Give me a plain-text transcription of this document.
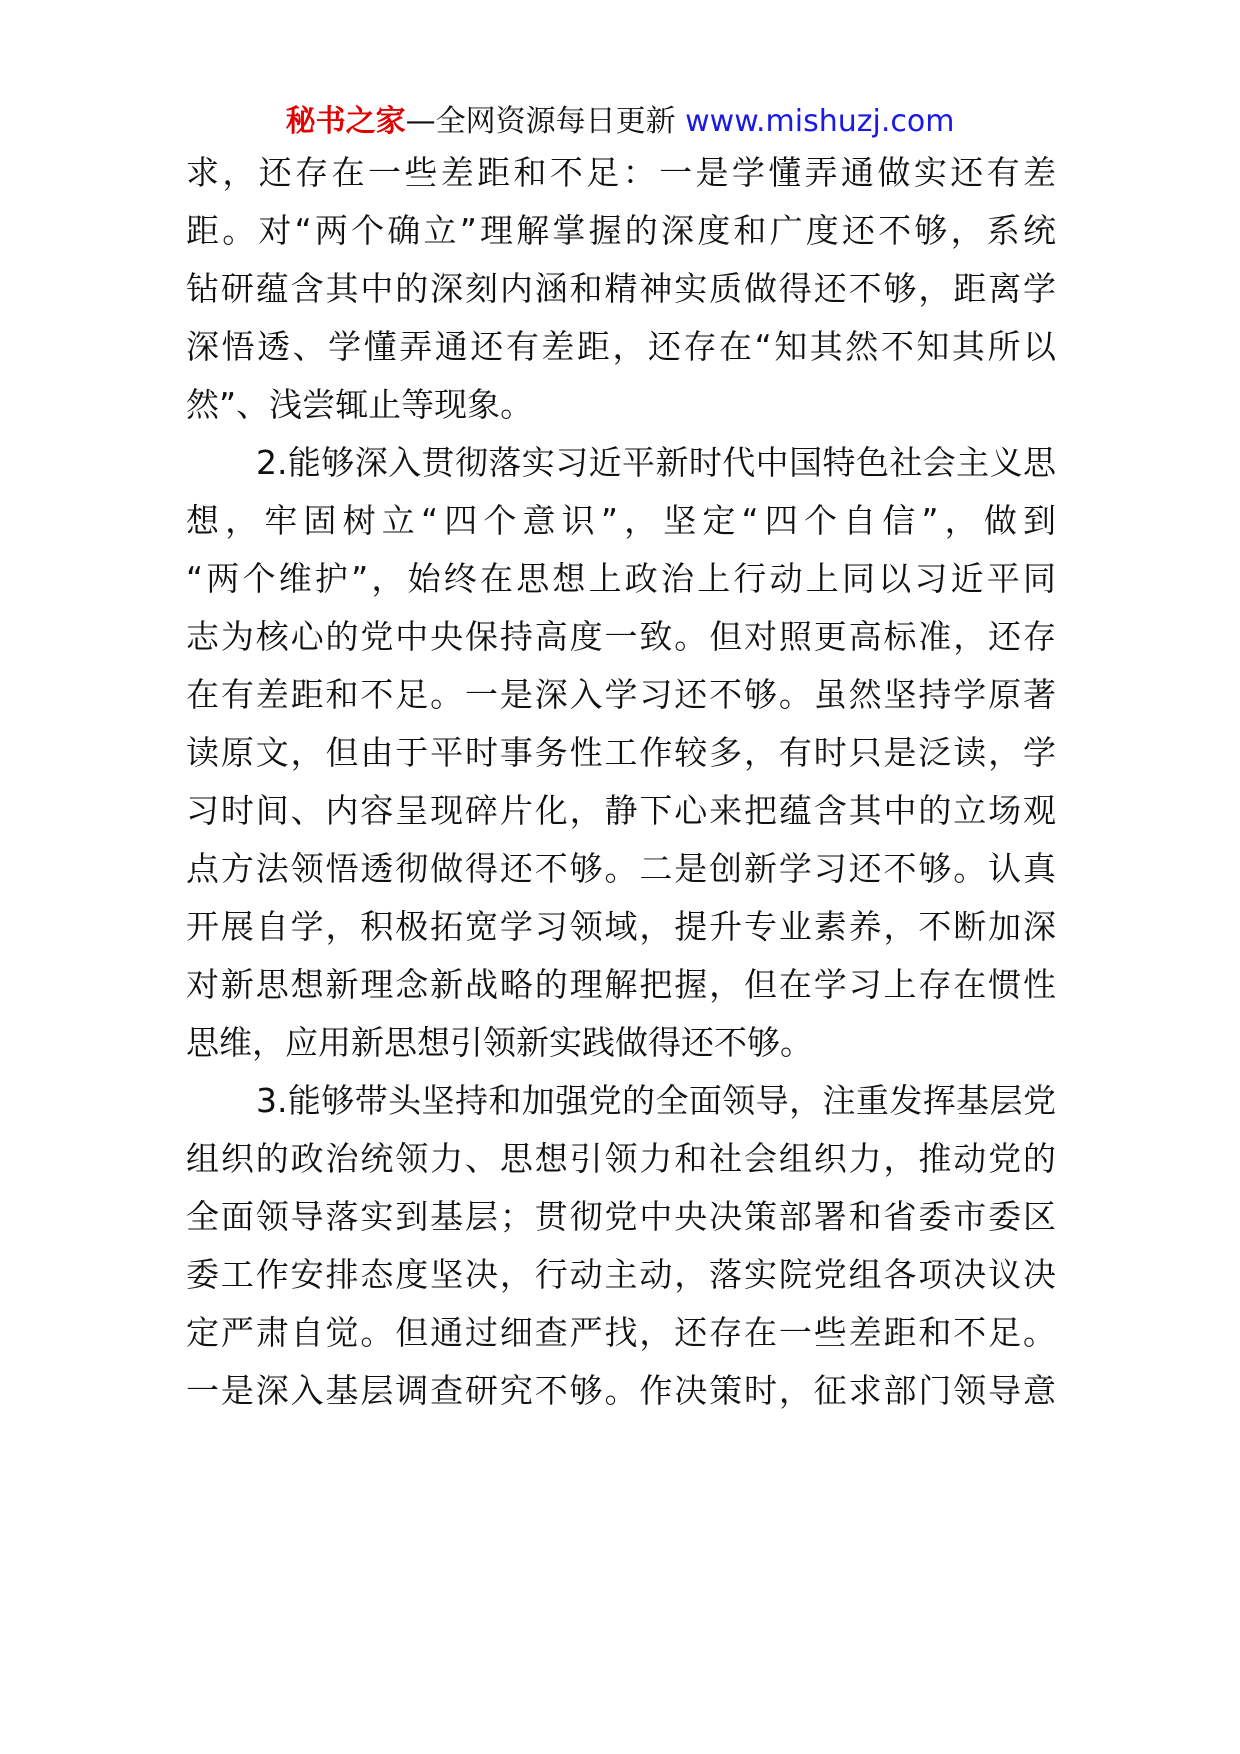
秘书之家—全网资源每日更新 www.mishuzj.com
求，还存在一些差距和不足：一是学懂弄通做实还有差
距。对“两个确立”理解掌握的深度和广度还不够，系统
钻研蕴含其中的深刻内涵和精神实质做得还不够，距离学
深悟透、学懂弄通还有差距，还存在“知其然不知其所以
然”、浅尝辄止等现象。
2.能够深入贯彻落实习近平新时代中国特色社会主义思
想，牢固树立“四个意识”，坚定“四个自信”，做到
“两个维护”，始终在思想上政治上行动上同以习近平同
志为核心的党中央保持高度一致。但对照更高标准，还存
在有差距和不足。一是深入学习还不够。虽然坚持学原著
读原文，但由于平时事务性工作较多，有时只是泛读，学
习时间、内容呈现碎片化，静下心来把蕴含其中的立场观
点方法领悟透彻做得还不够。二是创新学习还不够。认真
开展自学，积极拓宽学习领域，提升专业素养，不断加深
对新思想新理念新战略的理解把握，但在学习上存在惯性
思维，应用新思想引领新实践做得还不够。
3.能够带头坚持和加强党的全面领导，注重发挥基层党
组织的政治统领力、思想引领力和社会组织力，推动党的
全面领导落实到基层；贯彻党中央决策部署和省委市委区
委工作安排态度坚决，行动主动，落实院党组各项决议决
定严肃自觉。但通过细查严找，还存在一些差距和不足。
一是深入基层调查研究不够。作决策时，征求部门领导意
